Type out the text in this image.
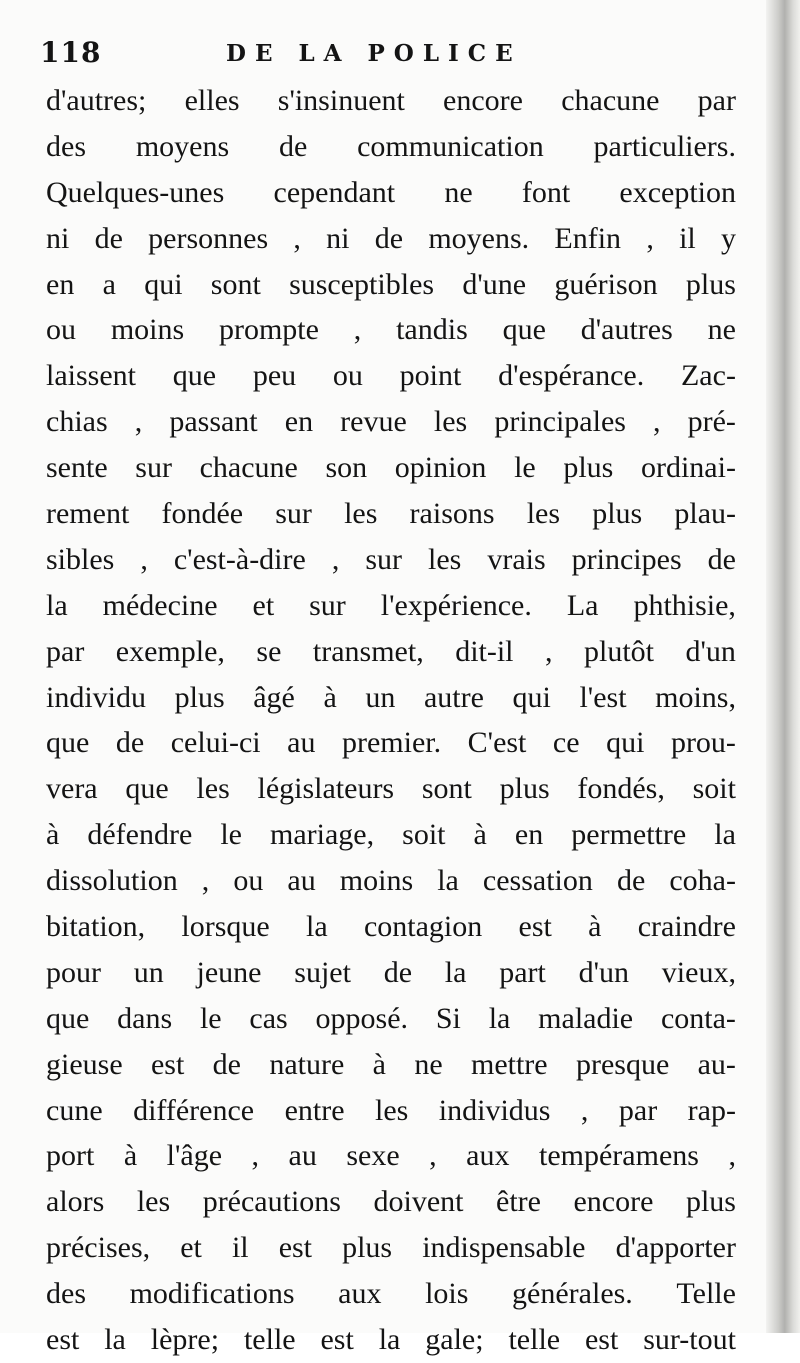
118	DE LA POLICE
d'autres; elles s'insinuent encore chacune par
des moyens de communication particuliers.
Quelques-unes cependant ne font exception
ni de personnes , ni de moyens. Enfin , il y
en a qui sont susceptibles d'une guérison plus
ou moins prompte , tandis que d'autres ne
laissent que peu ou point d'espérance. Zac-
chias , passant en revue les principales , pré-
sente sur chacune son opinion le plus ordinai-
rement fondée sur les raisons les plus plau-
sibles , c'est-à-dire , sur les vrais principes de
la médecine et sur l'expérience. La phthisie,
par exemple, se transmet, dit-il , plutôt d'un
individu plus âgé à un autre qui l'est moins,
que de celui-ci au premier. C'est ce qui prou-
vera que les législateurs sont plus fondés, soit
à défendre le mariage, soit à en permettre la
dissolution , ou au moins la cessation de coha-
bitation, lorsque la contagion est à craindre
pour un jeune sujet de la part d'un vieux,
que dans le cas opposé. Si la maladie conta-
gieuse est de nature à ne mettre presque au-
cune différence entre les individus , par rap-
port à l'âge , au sexe , aux tempéramens ,
alors les précautions doivent être encore plus
précises, et il est plus indispensable d'apporter
des modifications aux lois générales. Telle
est la lèpre; telle est la gale; telle est sur-tout
